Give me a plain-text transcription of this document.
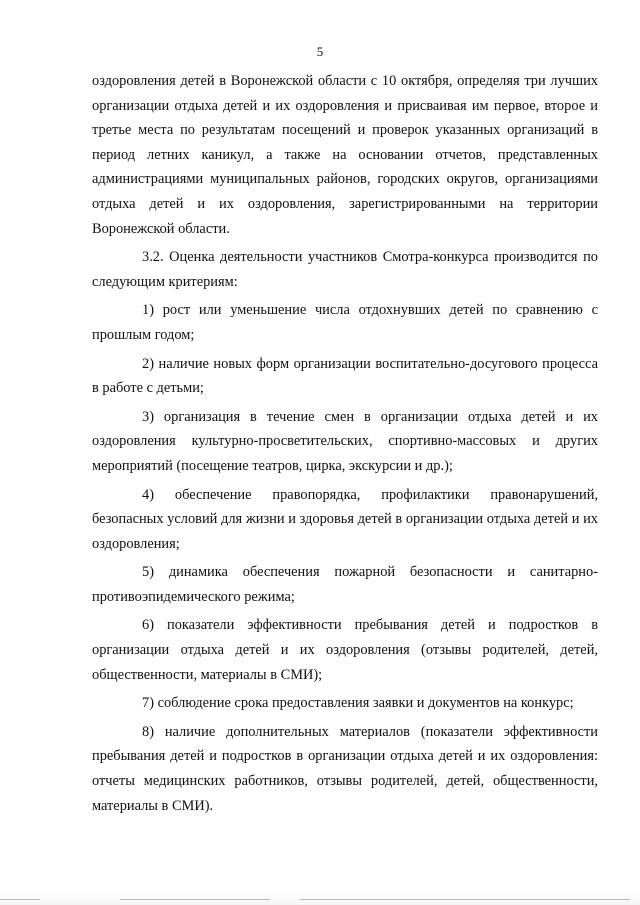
5

оздоровления детей в Воронежской области с 10 октября, определяя три лучших организации отдыха детей и их оздоровления и присваивая им первое, второе и третье места по результатам посещений и проверок указанных организаций в период летних каникул, а также на основании отчетов, представленных администрациями муниципальных районов, городских округов, организациями отдыха детей и их оздоровления, зарегистрированными на территории Воронежской области.

3.2. Оценка деятельности участников Смотра-конкурса производится по следующим критериям:

1) рост или уменьшение числа отдохнувших детей по сравнению с прошлым годом;

2) наличие новых форм организации воспитательно-досугового процесса в работе с детьми;

3) организация в течение смен в организации отдыха детей и их оздоровления культурно-просветительских, спортивно-массовых и других мероприятий (посещение театров, цирка, экскурсии и др.);

4) обеспечение правопорядка, профилактики правонарушений, безопасных условий для жизни и здоровья детей в организации отдыха детей и их оздоровления;

5) динамика обеспечения пожарной безопасности и санитарно-противоэпидемического режима;

6) показатели эффективности пребывания детей и подростков в организации отдыха детей и их оздоровления (отзывы родителей, детей, общественности, материалы в СМИ);

7) соблюдение срока предоставления заявки и документов на конкурс;

8) наличие дополнительных материалов (показатели эффективности пребывания детей и подростков в организации отдыха детей и их оздоровления: отчеты медицинских работников, отзывы родителей, детей, общественности, материалы в СМИ).
